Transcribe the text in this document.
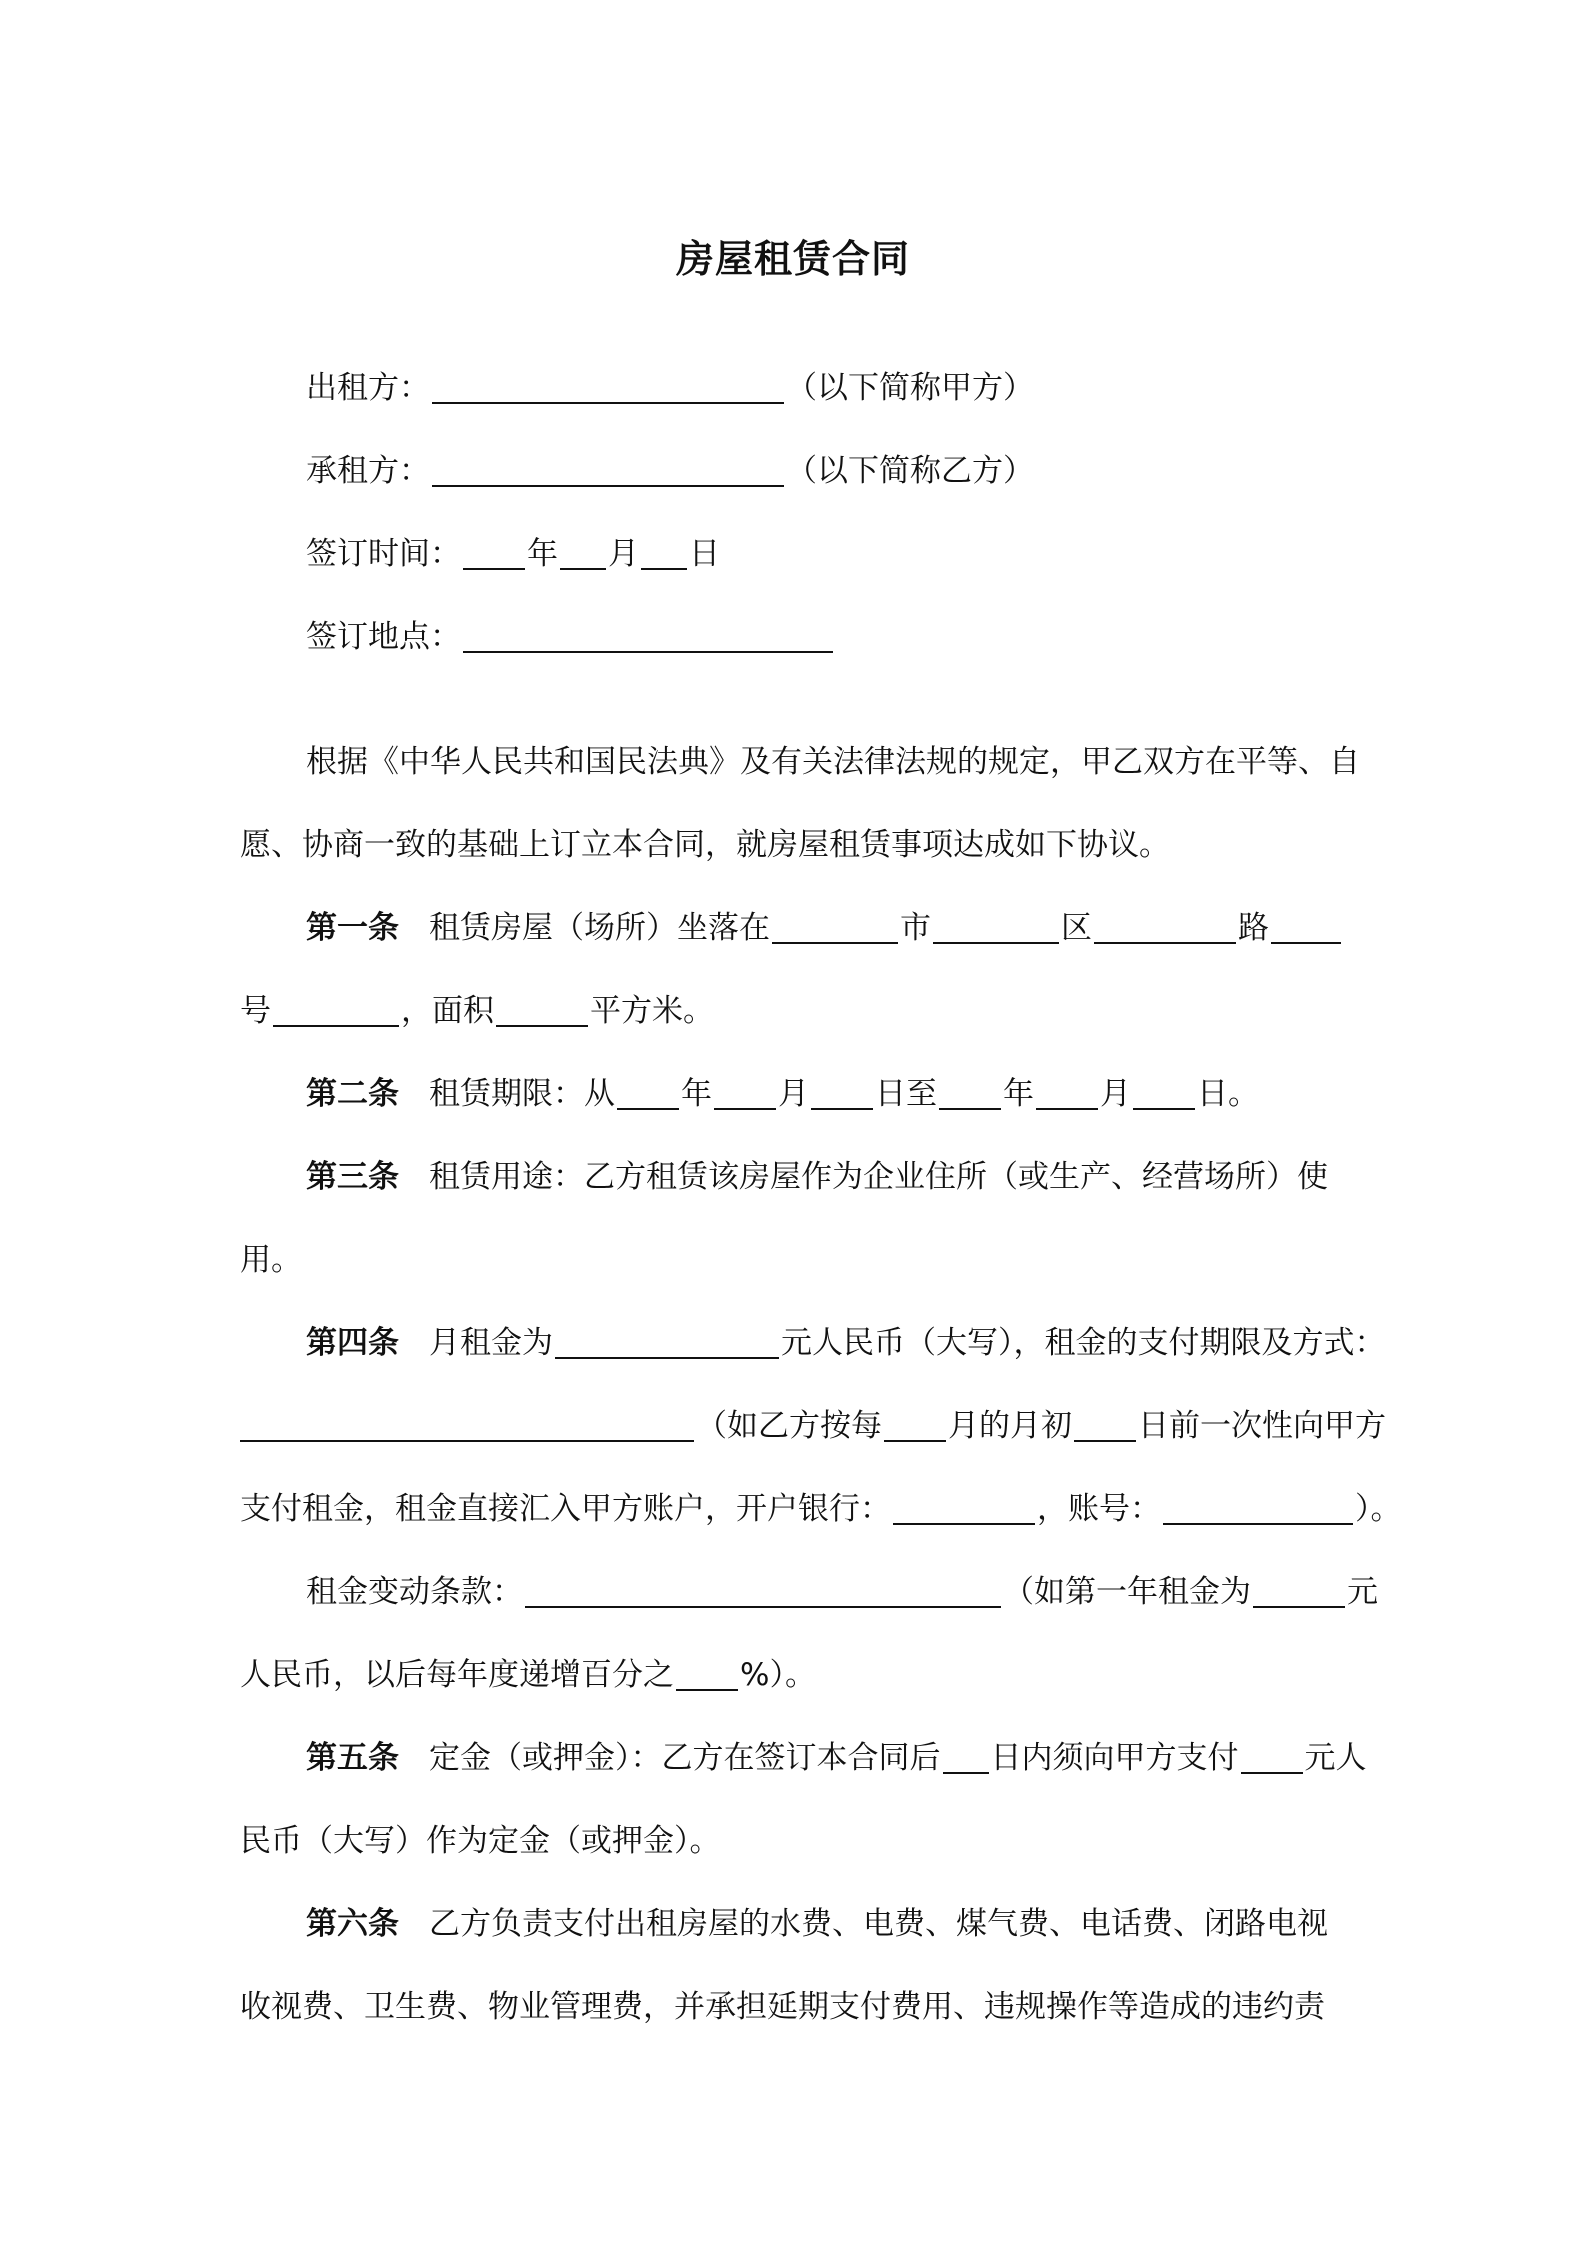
房屋租赁合同
出租方：	（以下简称甲方）
承租方：	（以下简称乙方）
签订时间： 年 月 日
签订地点：
根据《中华人民共和国民法典》及有关法律法规的规定，甲乙双方在平等、自
愿、协商一致的基础上订立本合同，就房屋租赁事项达成如下协议。
第一条 租赁房屋（场所）坐落在	市	区	路
号	，面积	平方米。
第二条 租赁期限：从 年 月 日至 年 月 日。
第三条 租赁用途：乙方租赁该房屋作为企业住所（或生产、经营场所）使
用。
第四条 月租金为	元人民币（大写），租金的支付期限及方式：
（如乙方按每 月的月初 日前一次性向甲方
支付租金，租金直接汇入甲方账户，开户银行：	，账号：	）。
租金变动条款：	（如第一年租金为	元
人民币，以后每年度递增百分之 %）。
第五条 定金（或押金）：乙方在签订本合同后 日内须向甲方支付 元人
民币（大写）作为定金（或押金）。
第六条 乙方负责支付出租房屋的水费、电费、煤气费、电话费、闭路电视
收视费、卫生费、物业管理费，并承担延期支付费用、违规操作等造成的违约责
